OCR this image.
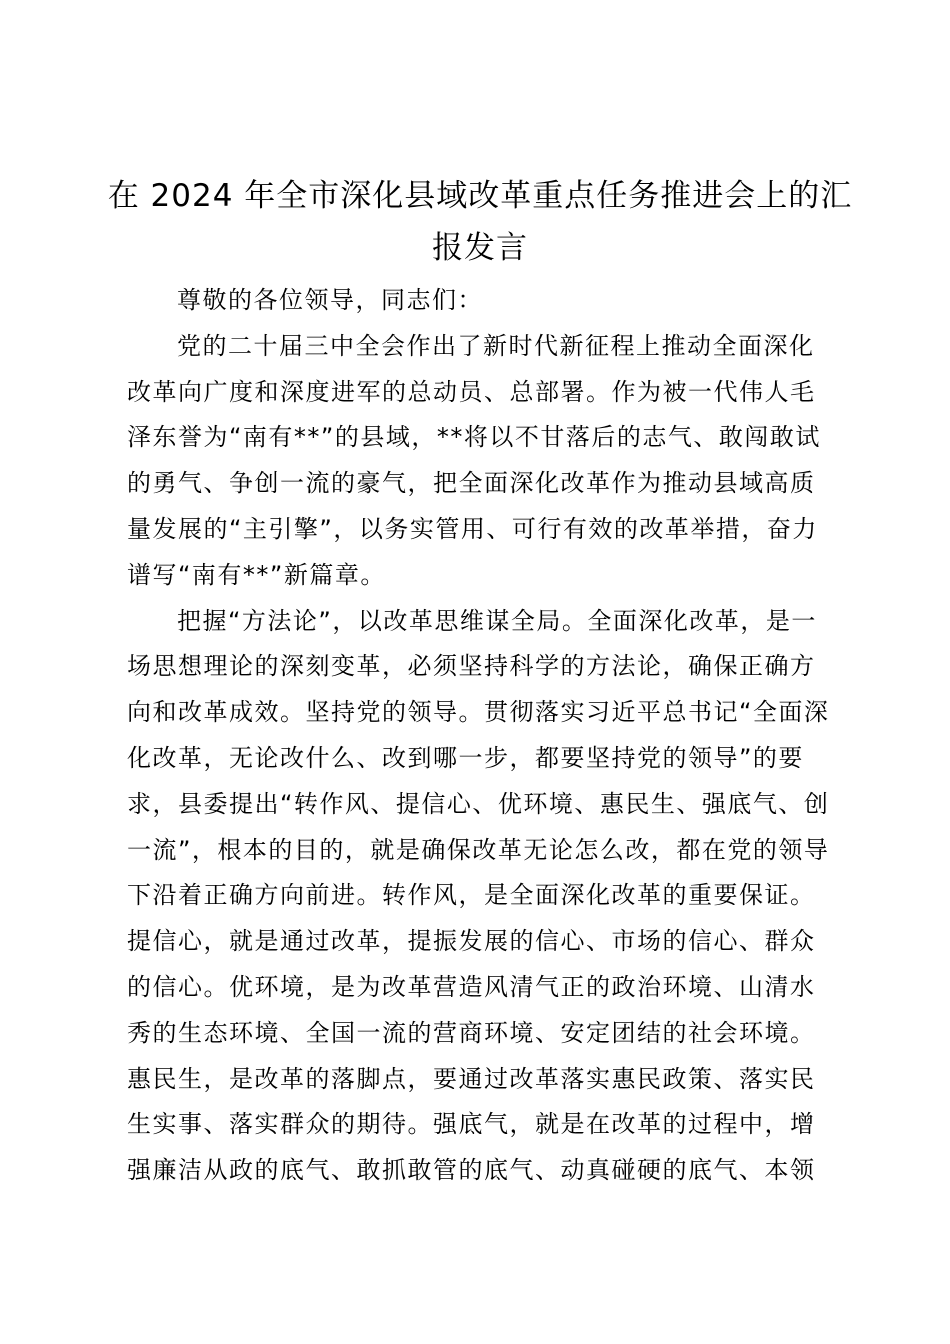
在 2024 年全市深化县域改革重点任务推进会上的汇报发言

尊敬的各位领导，同志们：

党的二十届三中全会作出了新时代新征程上推动全面深化改革向广度和深度进军的总动员、总部署。作为被一代伟人毛泽东誉为“南有**”的县域，**将以不甘落后的志气、敢闯敢试的勇气、争创一流的豪气，把全面深化改革作为推动县域高质量发展的“主引擎”，以务实管用、可行有效的改革举措，奋力谱写“南有**”新篇章。

把握“方法论”，以改革思维谋全局。全面深化改革，是一场思想理论的深刻变革，必须坚持科学的方法论，确保正确方向和改革成效。坚持党的领导。贯彻落实习近平总书记“全面深化改革，无论改什么、改到哪一步，都要坚持党的领导”的要求，县委提出“转作风、提信心、优环境、惠民生、强底气、创一流”，根本的目的，就是确保改革无论怎么改，都在党的领导下沿着正确方向前进。转作风，是全面深化改革的重要保证。提信心，就是通过改革，提振发展的信心、市场的信心、群众的信心。优环境，是为改革营造风清气正的政治环境、山清水秀的生态环境、全国一流的营商环境、安定团结的社会环境。惠民生，是改革的落脚点，要通过改革落实惠民政策、落实民生实事、落实群众的期待。强底气，就是在改革的过程中，增强廉洁从政的底气、敢抓敢管的底气、动真碰硬的底气、本领
